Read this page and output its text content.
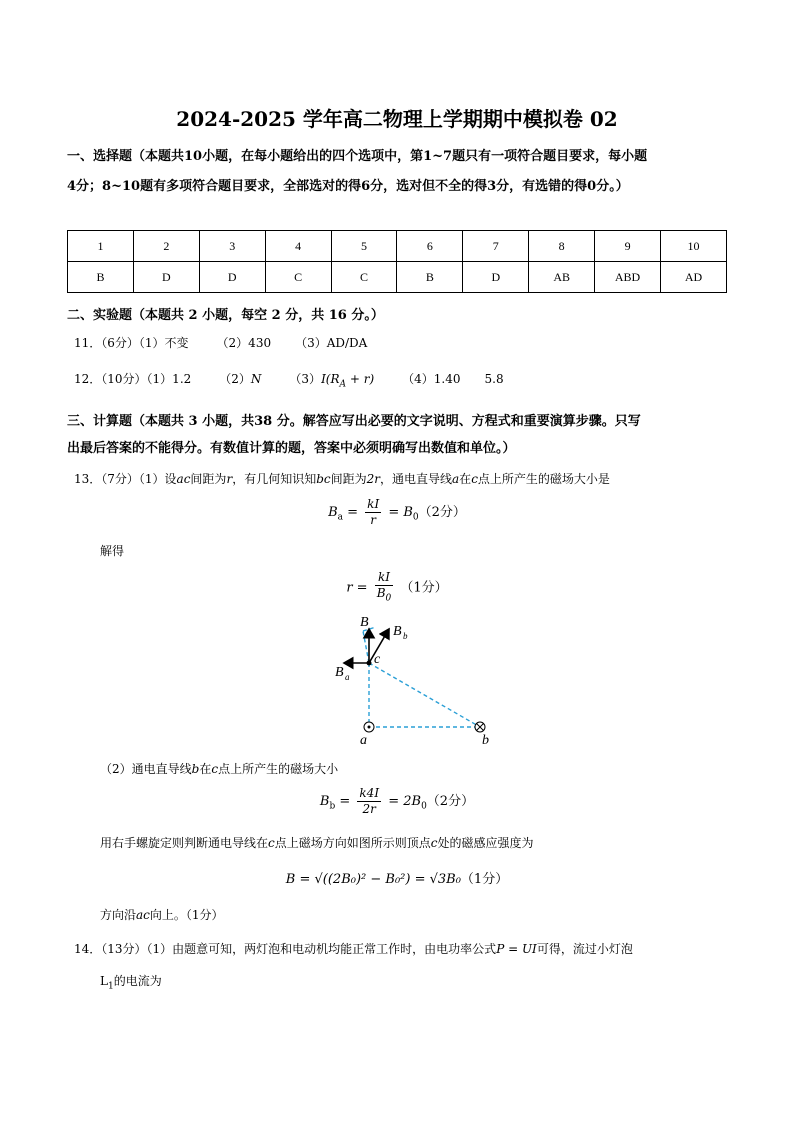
2024-2025 学年高二物理上学期期中模拟卷 02
一、选择题（本题共10小题，在每小题给出的四个选项中，第1~7题只有一项符合题目要求，每小题
4分；8~10题有多项符合题目要求，全部选对的得6分，选对但不全的得3分，有选错的得0分。）
1	2	3	4	5	6	7	8	9	10
B	D	D	C	C	B	D	AB	ABD	AD
二、实验题（本题共 2 小题，每空 2 分，共 16 分。）
11．（6分）（1）不变 （2）430 （3）AD/DA
12．（10分）（1）1.2 （2）N $(3)I(R_A + r)$ （4）1.40 5.8
三、计算题（本题共 3 小题，共38 分。解答应写出必要的文字说明、方程式和重要演算步骤。只写
出最后答案的不能得分。有数值计算的题，答案中必须明确写出数值和单位。）
13．（7分）（1）设ac间距为r，有几何知识知bc间距为2r，通电直导线a在c点上所产生的磁场大小是
$B_a = \frac{kI}{r} = B_0(2$分）
解得
$r = \frac{kI}{B_0} (1$分）
B
B b
B a
c
a	b
（2）通电直导线b在c点上所产生的磁场大小
$B_b = \frac{k4I}{2r} = 2B_0(2$分）
用右手螺旋定则判断通电导线在c点上磁场方向如图所示则顶点c处的磁感应强度为
B = √((2B₀)² − B₀²) = √3B₀（1分）
方向沿ac向上。（1分）
14．（13分）（1）由题意可知，两灯泡和电动机均能正常工作时，由电功率公式P = UI可得，流过小灯泡
$L_1$的电流为
